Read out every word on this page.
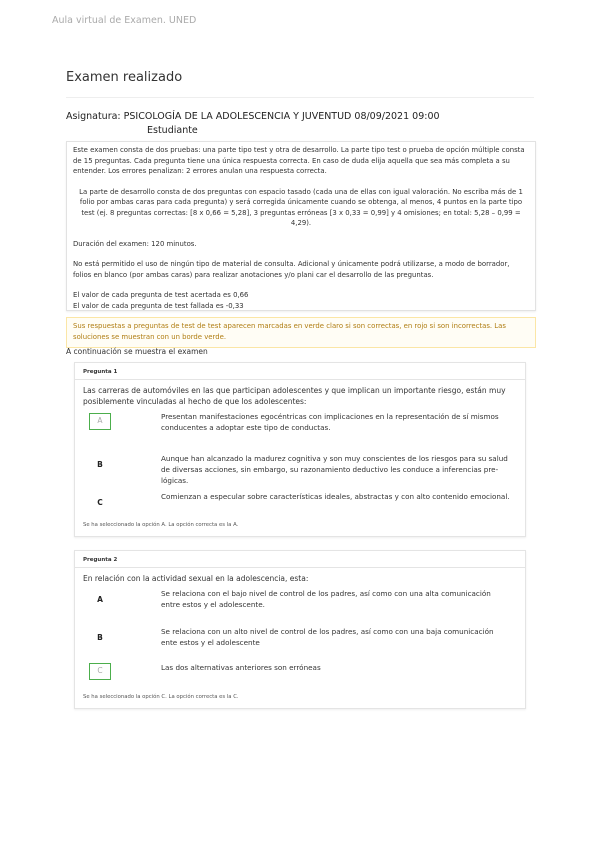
Aula virtual de Examen. UNED
Examen realizado
Asignatura: PSICOLOGÍA DE LA ADOLESCENCIA Y JUVENTUD 08/09/2021 09:00
Estudiante

Este examen consta de dos pruebas: una parte tipo test y otra de desarrollo. La parte tipo test o prueba de opción múltiple consta de 15 preguntas. Cada pregunta tiene una única respuesta correcta. En caso de duda elija aquella que sea más completa a su entender. Los errores penalizan: 2 errores anulan una respuesta correcta.

La parte de desarrollo consta de dos preguntas con espacio tasado (cada una de ellas con igual valoración. No escriba más de 1 folio por ambas caras para cada pregunta) y será corregida únicamente cuando se obtenga, al menos, 4 puntos en la parte tipo test (ej. 8 preguntas correctas: [8 x 0,66 = 5,28], 3 preguntas erróneas [3 x 0,33 = 0,99] y 4 omisiones; en total: 5,28 – 0,99 = 4,29).

Duración del examen: 120 minutos.

No está permitido el uso de ningún tipo de material de consulta. Adicional y únicamente podrá utilizarse, a modo de borrador, folios en blanco (por ambas caras) para realizar anotaciones y/o plani car el desarrollo de las preguntas.

El valor de cada pregunta de test acertada es 0,66

El valor de cada pregunta de test fallada es -0,33

Sus respuestas a preguntas de test de test aparecen marcadas en verde claro si son correctas, en rojo si son incorrectas. Las soluciones se muestran con un borde verde.
A continuación se muestra el examen
Pregunta 1
Las carreras de automóviles en las que participan adolescentes y que implican un importante riesgo, están muy posiblemente vinculadas al hecho de que los adolescentes:
A	Presentan manifestaciones egocéntricas con implicaciones en la representación de sí mismos conducentes a adoptar este tipo de conductas.
B
Aunque han alcanzado la madurez cognitiva y son muy conscientes de los riesgos para su salud de diversas acciones, sin embargo, su razonamiento deductivo les conduce a inferencias pre-lógicas.
C
Comienzan a especular sobre características ideales, abstractas y con alto contenido emocional.
Se ha seleccionado la opción A. La opción correcta es la A.
Pregunta 2
En relación con la actividad sexual en la adolescencia, esta:
A
Se relaciona con el bajo nivel de control de los padres, así como con una alta comunicación entre estos y el adolescente.
B
Se relaciona con un alto nivel de control de los padres, así como con una baja comunicación ente estos y el adolescente
C	Las dos alternativas anteriores son erróneas
Se ha seleccionado la opción C. La opción correcta es la C.
